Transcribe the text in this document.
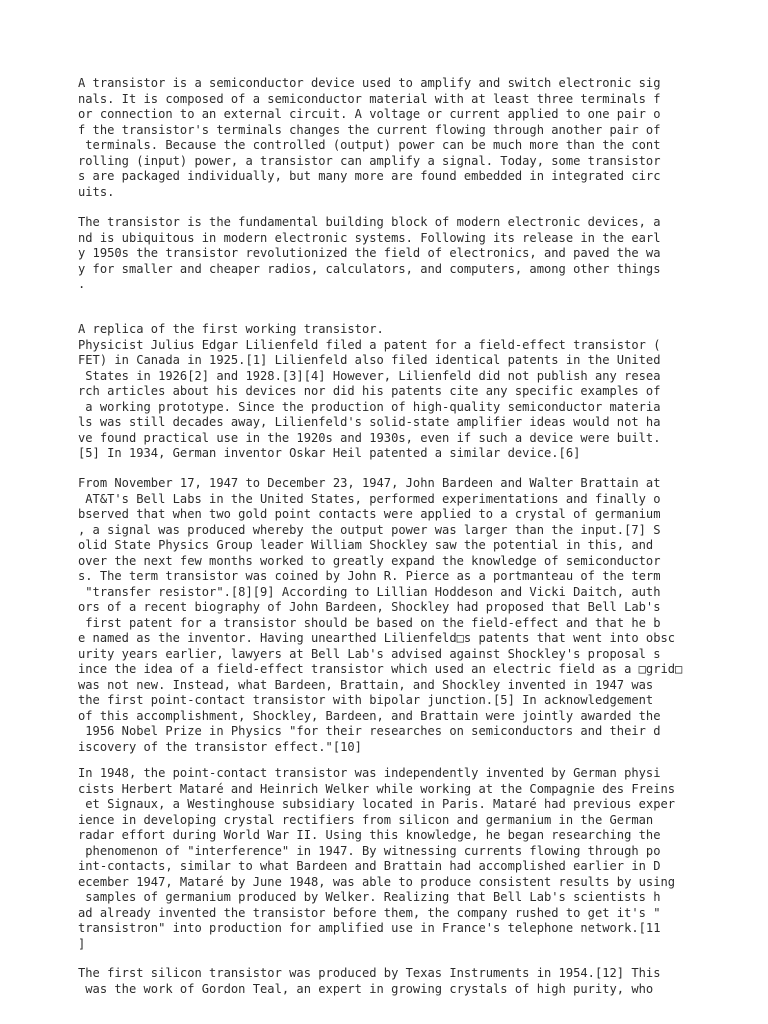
A transistor is a semiconductor device used to amplify and switch electronic sig
nals. It is composed of a semiconductor material with at least three terminals f
or connection to an external circuit. A voltage or current applied to one pair o
f the transistor's terminals changes the current flowing through another pair of
terminals. Because the controlled (output) power can be much more than the cont
rolling (input) power, a transistor can amplify a signal. Today, some transistor
s are packaged individually, but many more are found embedded in integrated circ
uits.

The transistor is the fundamental building block of modern electronic devices, a
nd is ubiquitous in modern electronic systems. Following its release in the earl
y 1950s the transistor revolutionized the field of electronics, and paved the wa
y for smaller and cheaper radios, calculators, and computers, among other things
.

A replica of the first working transistor.
Physicist Julius Edgar Lilienfeld filed a patent for a field-effect transistor (
FET) in Canada in 1925.[1] Lilienfeld also filed identical patents in the United
States in 1926[2] and 1928.[3][4] However, Lilienfeld did not publish any resea
rch articles about his devices nor did his patents cite any specific examples of
a working prototype. Since the production of high-quality semiconductor materia
ls was still decades away, Lilienfeld's solid-state amplifier ideas would not ha
ve found practical use in the 1920s and 1930s, even if such a device were built.
[5] In 1934, German inventor Oskar Heil patented a similar device.[6]

From November 17, 1947 to December 23, 1947, John Bardeen and Walter Brattain at
AT&T's Bell Labs in the United States, performed experimentations and finally o
bserved that when two gold point contacts were applied to a crystal of germanium
, a signal was produced whereby the output power was larger than the input.[7] S
olid State Physics Group leader William Shockley saw the potential in this, and
over the next few months worked to greatly expand the knowledge of semiconductor
s. The term transistor was coined by John R. Pierce as a portmanteau of the term
"transfer resistor".[8][9] According to Lillian Hoddeson and Vicki Daitch, auth
ors of a recent biography of John Bardeen, Shockley had proposed that Bell Lab's
first patent for a transistor should be based on the field-effect and that he b
e named as the inventor. Having unearthed Lilienfeld□s patents that went into obsc
urity years earlier, lawyers at Bell Lab's advised against Shockley's proposal s
ince the idea of a field-effect transistor which used an electric field as a □grid□
was not new. Instead, what Bardeen, Brattain, and Shockley invented in 1947 was
the first point-contact transistor with bipolar junction.[5] In acknowledgement
of this accomplishment, Shockley, Bardeen, and Brattain were jointly awarded the
1956 Nobel Prize in Physics "for their researches on semiconductors and their d
iscovery of the transistor effect."[10]

In 1948, the point-contact transistor was independently invented by German physi
cists Herbert Mataré and Heinrich Welker while working at the Compagnie des Freins
et Signaux, a Westinghouse subsidiary located in Paris. Mataré had previous exper
ience in developing crystal rectifiers from silicon and germanium in the German
radar effort during World War II. Using this knowledge, he began researching the
phenomenon of "interference" in 1947. By witnessing currents flowing through po
int-contacts, similar to what Bardeen and Brattain had accomplished earlier in D
ecember 1947, Mataré by June 1948, was able to produce consistent results by using
samples of germanium produced by Welker. Realizing that Bell Lab's scientists h
ad already invented the transistor before them, the company rushed to get it's "
transistron" into production for amplified use in France's telephone network.[11
]

The first silicon transistor was produced by Texas Instruments in 1954.[12] This
was the work of Gordon Teal, an expert in growing crystals of high purity, who
